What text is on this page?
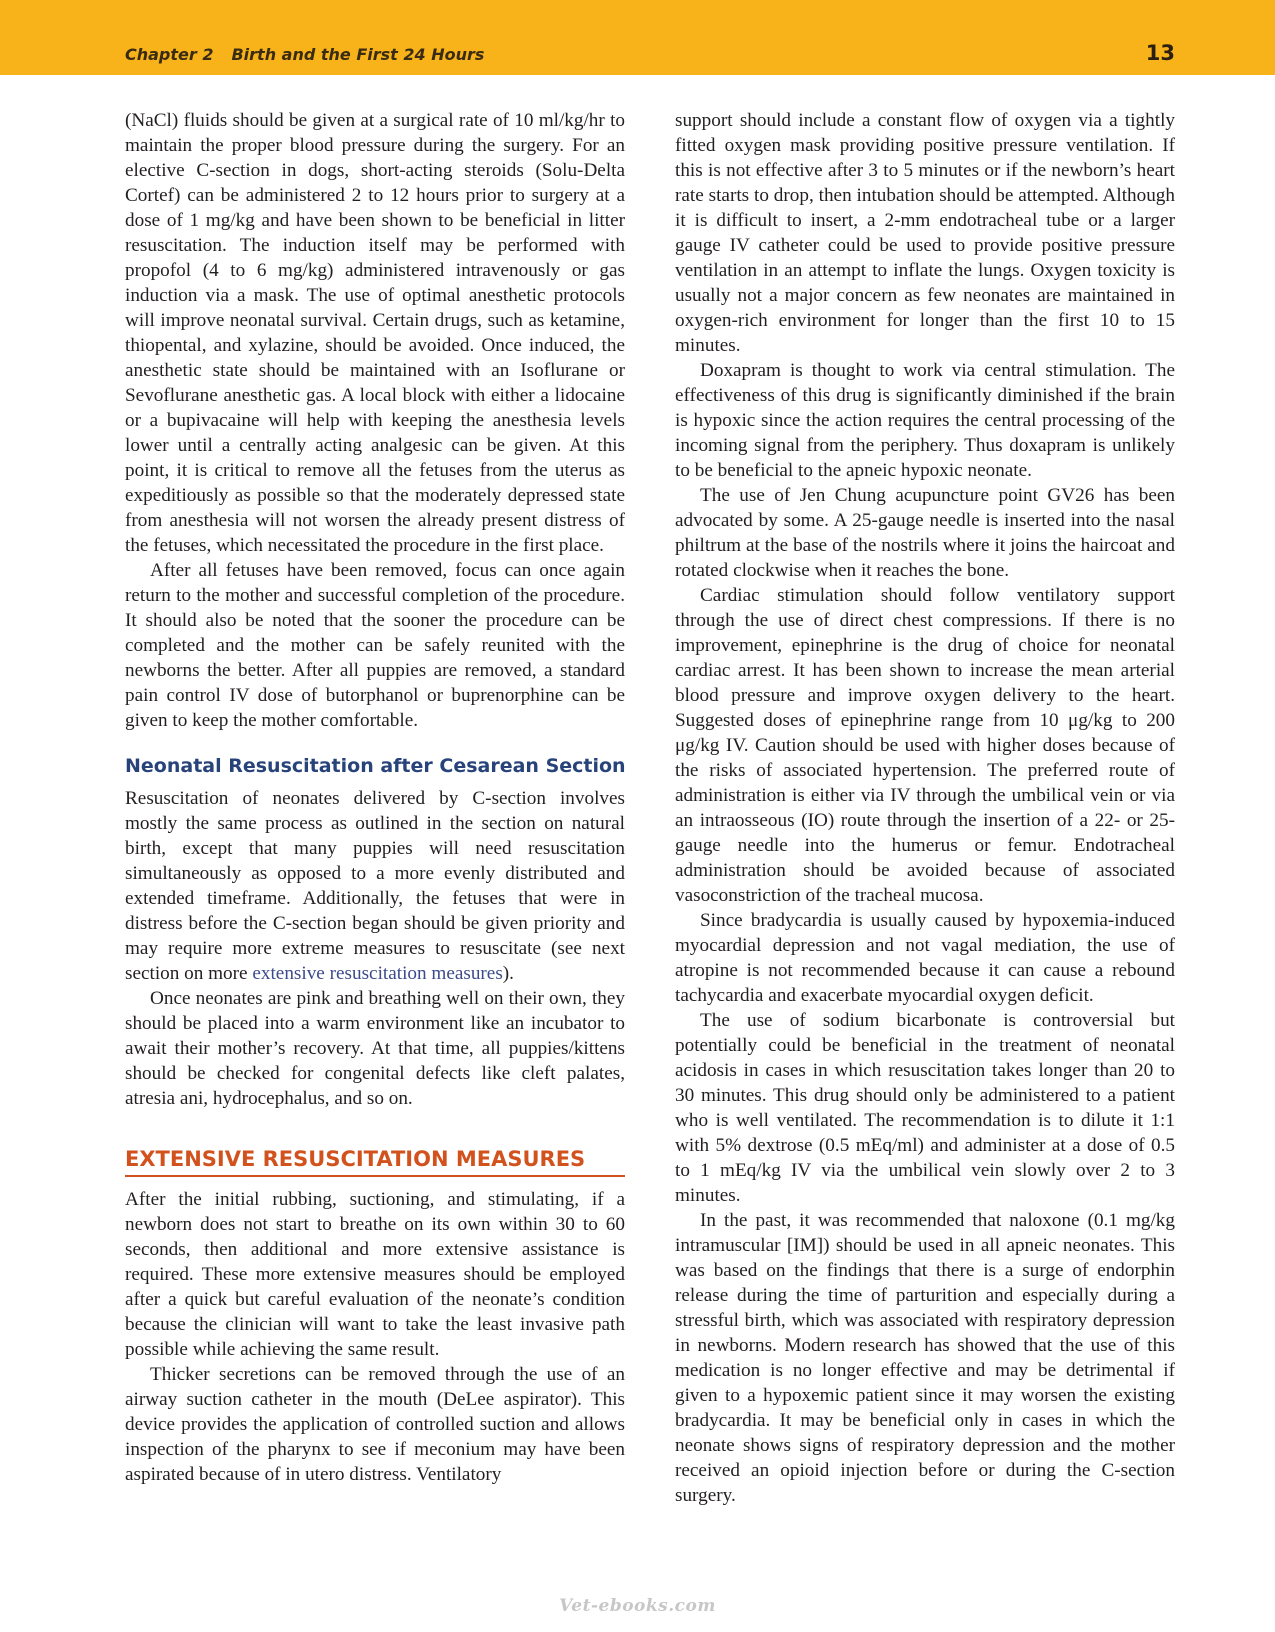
Chapter 2 Birth and the First 24 Hours	13

(NaCl) fluids should be given at a surgical rate of 10 ml/kg/hr to maintain the proper blood pressure during the surgery. For an elective C-section in dogs, short-acting steroids (Solu-Delta Cortef) can be administered 2 to 12 hours prior to surgery at a dose of 1 mg/kg and have been shown to be beneficial in litter resuscitation. The induction itself may be performed with propofol (4 to 6 mg/kg) administered intravenously or gas induction via a mask. The use of optimal anesthetic protocols will improve neonatal survival. Certain drugs, such as ketamine, thiopental, and xylazine, should be avoided. Once induced, the anesthetic state should be maintained with an Isoflurane or Sevoflurane anesthetic gas. A local block with either a lidocaine or a bupivacaine will help with keeping the anesthesia levels lower until a centrally acting analgesic can be given. At this point, it is critical to remove all the fetuses from the uterus as expeditiously as possible so that the moderately depressed state from anesthesia will not worsen the already present distress of the fetuses, which necessitated the procedure in the first place.

After all fetuses have been removed, focus can once again return to the mother and successful completion of the procedure. It should also be noted that the sooner the procedure can be completed and the mother can be safely reunited with the newborns the better. After all puppies are removed, a standard pain control IV dose of butorphanol or buprenorphine can be given to keep the mother comfortable.

Neonatal Resuscitation after Cesarean Section

Resuscitation of neonates delivered by C-section involves mostly the same process as outlined in the section on natural birth, except that many puppies will need resuscitation simultaneously as opposed to a more evenly distributed and extended timeframe. Additionally, the fetuses that were in distress before the C-section began should be given priority and may require more extreme measures to resuscitate (see next section on more extensive resuscitation measures).

Once neonates are pink and breathing well on their own, they should be placed into a warm environment like an incubator to await their mother’s recovery. At that time, all puppies/kittens should be checked for congenital defects like cleft palates, atresia ani, hydrocephalus, and so on.

EXTENSIVE RESUSCITATION MEASURES

After the initial rubbing, suctioning, and stimulating, if a newborn does not start to breathe on its own within 30 to 60 seconds, then additional and more extensive assistance is required. These more extensive measures should be employed after a quick but careful evaluation of the neonate’s condition because the clinician will want to take the least invasive path possible while achieving the same result.

Thicker secretions can be removed through the use of an airway suction catheter in the mouth (DeLee aspirator). This device provides the application of controlled suction and allows inspection of the pharynx to see if meconium may have been aspirated because of in utero distress. Ventilatory

support should include a constant flow of oxygen via a tightly fitted oxygen mask providing positive pressure ventilation. If this is not effective after 3 to 5 minutes or if the newborn’s heart rate starts to drop, then intubation should be attempted. Although it is difficult to insert, a 2-mm endotracheal tube or a larger gauge IV catheter could be used to provide positive pressure ventilation in an attempt to inflate the lungs. Oxygen toxicity is usually not a major concern as few neonates are maintained in oxygen-rich environment for longer than the first 10 to 15 minutes.

Doxapram is thought to work via central stimulation. The effectiveness of this drug is significantly diminished if the brain is hypoxic since the action requires the central processing of the incoming signal from the periphery. Thus doxapram is unlikely to be beneficial to the apneic hypoxic neonate.

The use of Jen Chung acupuncture point GV26 has been advocated by some. A 25-gauge needle is inserted into the nasal philtrum at the base of the nostrils where it joins the haircoat and rotated clockwise when it reaches the bone.

Cardiac stimulation should follow ventilatory support through the use of direct chest compressions. If there is no improvement, epinephrine is the drug of choice for neonatal cardiac arrest. It has been shown to increase the mean arterial blood pressure and improve oxygen delivery to the heart. Suggested doses of epinephrine range from 10 μg/kg to 200 μg/kg IV. Caution should be used with higher doses because of the risks of associated hypertension. The preferred route of administration is either via IV through the umbilical vein or via an intraosseous (IO) route through the insertion of a 22- or 25-gauge needle into the humerus or femur. Endotracheal administration should be avoided because of associated vasoconstriction of the tracheal mucosa.

Since bradycardia is usually caused by hypoxemia-induced myocardial depression and not vagal mediation, the use of atropine is not recommended because it can cause a rebound tachycardia and exacerbate myocardial oxygen deficit.

The use of sodium bicarbonate is controversial but potentially could be beneficial in the treatment of neonatal acidosis in cases in which resuscitation takes longer than 20 to 30 minutes. This drug should only be administered to a patient who is well ventilated. The recommendation is to dilute it 1:1 with 5% dextrose (0.5 mEq/ml) and administer at a dose of 0.5 to 1 mEq/kg IV via the umbilical vein slowly over 2 to 3 minutes.

In the past, it was recommended that naloxone (0.1 mg/kg intramuscular [IM]) should be used in all apneic neonates. This was based on the findings that there is a surge of endorphin release during the time of parturition and especially during a stressful birth, which was associated with respiratory depression in newborns. Modern research has showed that the use of this medication is no longer effective and may be detrimental if given to a hypoxemic patient since it may worsen the existing bradycardia. It may be beneficial only in cases in which the neonate shows signs of respiratory depression and the mother received an opioid injection before or during the C-section surgery.

Vet-ebooks.com
